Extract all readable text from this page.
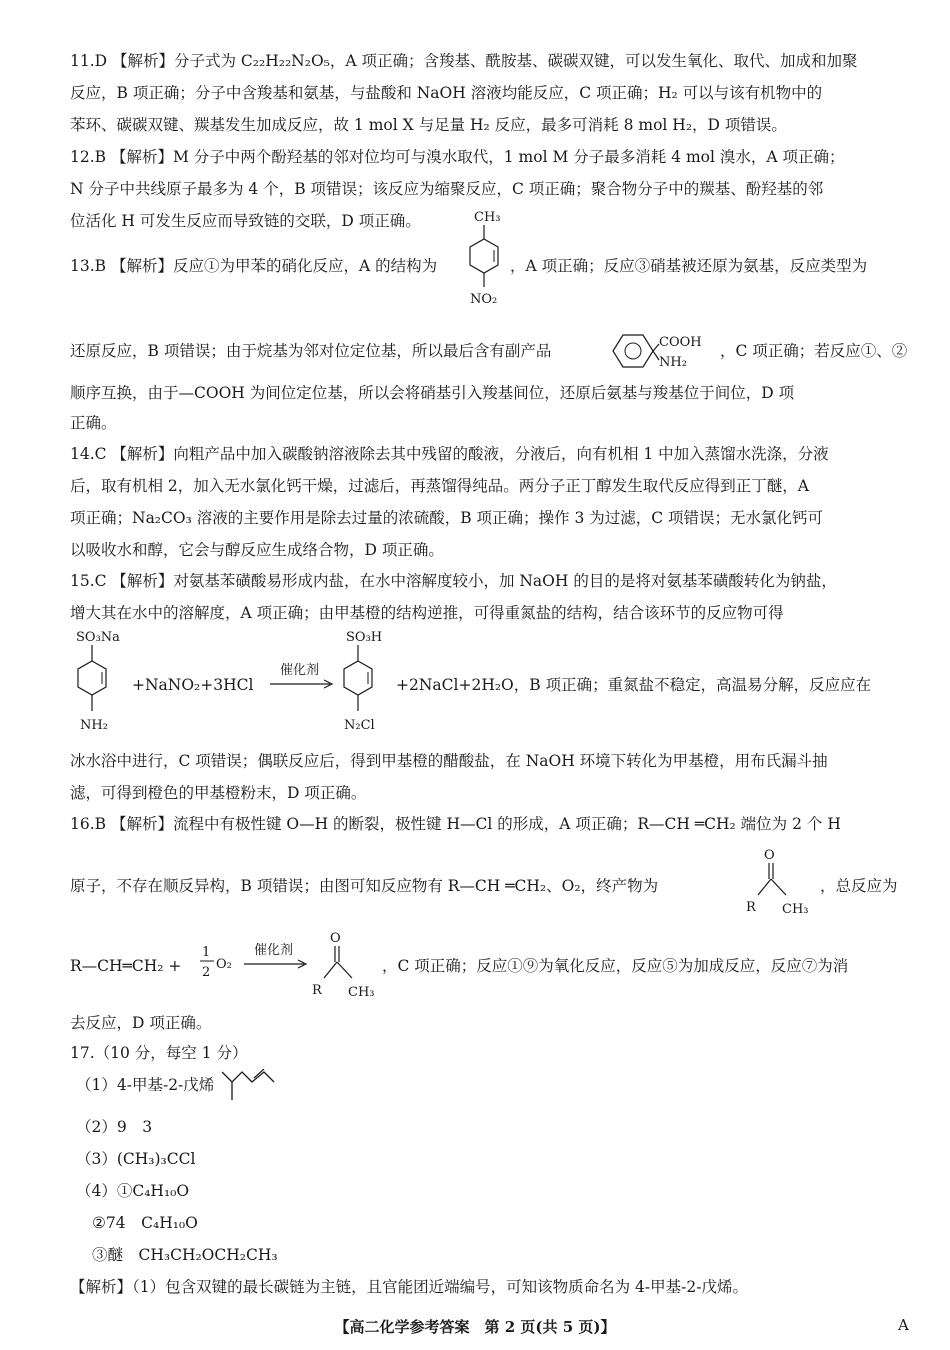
11.D 【解析】分子式为 C₂₂H₂₂N₂O₅，A 项正确；含羧基、酰胺基、碳碳双键，可以发生氧化、取代、加成和加聚
反应，B 项正确；分子中含羧基和氨基，与盐酸和 NaOH 溶液均能反应，C 项正确；H₂ 可以与该有机物中的
苯环、碳碳双键、羰基发生加成反应，故 1 mol X 与足量 H₂ 反应，最多可消耗 8 mol H₂，D 项错误。
12.B 【解析】M 分子中两个酚羟基的邻对位均可与溴水取代，1 mol M 分子最多消耗 4 mol 溴水，A 项正确；
N 分子中共线原子最多为 4 个，B 项错误；该反应为缩聚反应，C 项正确；聚合物分子中的羰基、酚羟基的邻
位活化 H 可发生反应而导致链的交联，D 项正确。
13.B 【解析】反应①为甲苯的硝化反应，A 的结构为
CH₃
NO₂
，A 项正确；反应③硝基被还原为氨基，反应类型为
还原反应，B 项错误；由于烷基为邻对位定位基，所以最后含有副产品	COOH
NH₂
，C 项正确；若反应①、②
顺序互换，由于—COOH 为间位定位基，所以会将硝基引入羧基间位，还原后氨基与羧基位于间位，D 项
正确。
14.C 【解析】向粗产品中加入碳酸钠溶液除去其中残留的酸液，分液后，向有机相 1 中加入蒸馏水洗涤，分液
后，取有机相 2，加入无水氯化钙干燥，过滤后，再蒸馏得纯品。两分子正丁醇发生取代反应得到正丁醚，A
项正确；Na₂CO₃ 溶液的主要作用是除去过量的浓硫酸，B 项正确；操作 3 为过滤，C 项错误；无水氯化钙可
以吸收水和醇，它会与醇反应生成络合物，D 项正确。
15.C 【解析】对氨基苯磺酸易形成内盐，在水中溶解度较小，加 NaOH 的目的是将对氨基苯磺酸转化为钠盐，
增大其在水中的溶解度，A 项正确；由甲基橙的结构逆推，可得重氮盐的结构，结合该环节的反应物可得
SO₃Na
NH₂
+NaNO₂+3HCl
催化剂
SO₃H
N₂Cl
+2NaCl+2H₂O，B 项正确；重氮盐不稳定，高温易分解，反应应在
冰水浴中进行，C 项错误；偶联反应后，得到甲基橙的醋酸盐，在 NaOH 环境下转化为甲基橙，用布氏漏斗抽
滤，可得到橙色的甲基橙粉末，D 项正确。
16.B 【解析】流程中有极性键 O—H 的断裂，极性键 H—Cl 的形成，A 项正确；R—CH ═CH₂ 端位为 2 个 H
原子，不存在顺反异构，B 项错误；由图可知反应物有 R—CH ═CH₂、O₂，终产物为
O
R CH₃
，总反应为
R—CH═CH₂ +
1
2
O₂
催化剂
O
R CH₃
，C 项正确；反应①⑨为氧化反应，反应⑤为加成反应，反应⑦为消
去反应，D 项正确。
17.（10 分，每空 1 分）
（1）4-甲基-2-戊烯
（2）9　3
（3）(CH₃)₃CCl
（4）①C₄H₁₀O
②74　C₄H₁₀O
③醚　CH₃CH₂OCH₂CH₃
【解析】（1）包含双键的最长碳链为主链，且官能团近端编号，可知该物质命名为 4-甲基-2-戊烯。
【高二化学参考答案　第 2 页(共 5 页)】	A
